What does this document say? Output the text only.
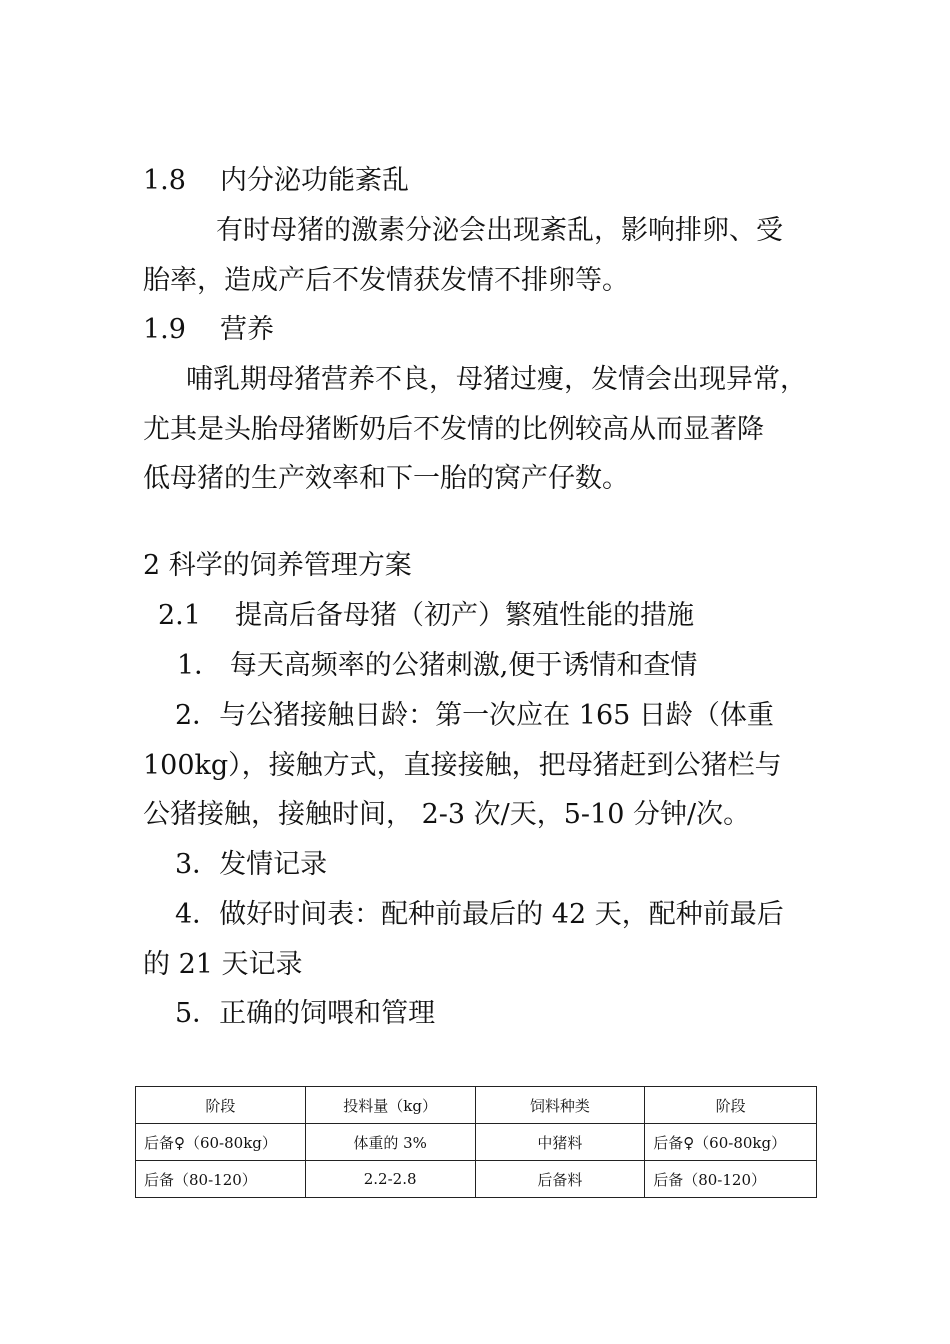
1.8 内分泌功能紊乱

有时母猪的激素分泌会出现紊乱，影响排卵、受

胎率，造成产后不发情获发情不排卵等。

1.9 营养

哺乳期母猪营养不良，母猪过瘦，发情会出现异常，

尤其是头胎母猪断奶后不发情的比例较高从而显著降

低母猪的生产效率和下一胎的窝产仔数。

2 科学的饲养管理方案

2.1 提高后备母猪（初产）繁殖性能的措施

1． 每天高频率的公猪刺激,便于诱情和查情

2．与公猪接触日龄：第一次应在 165 日龄（体重

100kg），接触方式，直接接触，把母猪赶到公猪栏与

公猪接触，接触时间， 2-3 次/天，5-10 分钟/次。

3．发情记录

4．做好时间表：配种前最后的 42 天，配种前最后

的 21 天记录

5．正确的饲喂和管理

阶段	投料量（kg）	饲料种类	阶段
后备♀（60-80kg）	体重的 3%	中猪料	后备♀（60-80kg）
后备（80-120）	2.2-2.8	后备料	后备（80-120）
